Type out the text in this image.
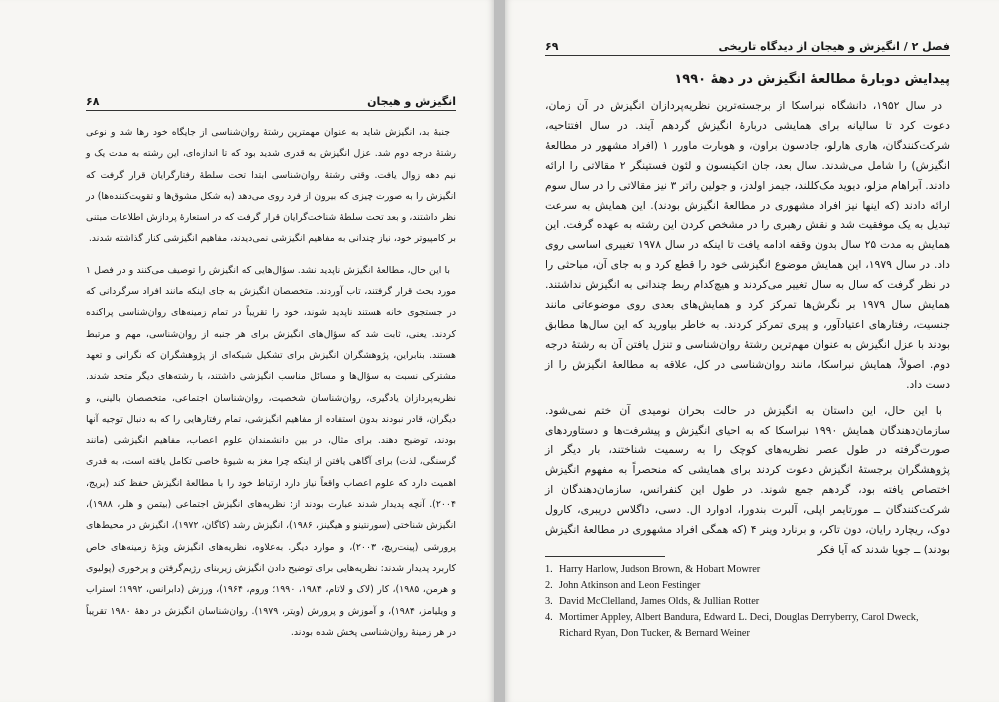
۶۸	انگیزش و هیجان

جنبهٔ بد، انگیزش شاید به عنوان مهمترین رشتهٔ روان‌شناسی از جایگاه خود رها شد و نوعی رشتهٔ درجه دوم شد. عزل انگیزش به قدری شدید بود که تا اندازه‌ای، این رشته به مدت یک و نیم دهه زوال یافت. وقتی رشتهٔ روان‌شناسی ابتدا تحت سلطهٔ رفتارگرایان قرار گرفت که انگیزش را به صورت چیزی که بیرون از فرد روی می‌دهد (به شکل مشوق‌ها و تقویت‌کننده‌ها) در نظر داشتند، و بعد تحت سلطهٔ شناخت‌گرایان قرار گرفت که در استعارهٔ پردازش اطلاعات مبتنی بر کامپیوتر خود، نیاز چندانی به مفاهیم انگیزشی نمی‌دیدند، مفاهیم انگیزشی کنار گذاشته شدند.

با این حال، مطالعهٔ انگیزش ناپدید نشد. سؤال‌هایی که انگیزش را توصیف می‌کنند و در فصل ۱ مورد بحث قرار گرفتند، تاب آوردند. متخصصان انگیزش به جای اینکه مانند افراد سرگردانی که در جستجوی خانه هستند ناپدید شوند، خود را تقریباً در تمام زمینه‌های روان‌شناسی پراکنده کردند. یعنی، ثابت شد که سؤال‌های انگیزش برای هر جنبه از روان‌شناسی، مهم و مرتبط هستند. بنابراین، پژوهشگران انگیزش برای تشکیل شبکه‌ای از پژوهشگران که نگرانی و تعهد مشترکی نسبت به سؤال‌ها و مسائل مناسب انگیزشی داشتند، با رشته‌های دیگر متحد شدند. نظریه‌پردازان یادگیری، روان‌شناسان شخصیت، روان‌شناسان اجتماعی، متخصصان بالینی، و دیگران، قادر نبودند بدون استفاده از مفاهیم انگیزشی، تمام رفتارهایی را که به دنبال توجیه آنها بودند، توضیح دهند. برای مثال، در بین دانشمندان علوم اعصاب، مفاهیم انگیزشی (مانند گرسنگی، لذت) برای آگاهی یافتن از اینکه چرا مغز به شیوهٔ خاصی تکامل یافته است، به قدری اهمیت دارد که علوم اعصاب واقعاً نیاز دارد ارتباط خود را با مطالعهٔ انگیزش حفظ کند (بریج، ۲۰۰۴). آنچه پدیدار شدند عبارت بودند از: نظریه‌های انگیزش اجتماعی (بیتمن و هلر، ۱۹۸۸)، انگیزش شناختی (سورنتینو و هیگینز، ۱۹۸۶)، انگیزش رشد (کاگان، ۱۹۷۲)، انگیزش در محیط‌های پرورشی (پینت‌ریچ، ۲۰۰۳)، و موارد دیگر. به‌علاوه، نظریه‌های انگیزش ویژهٔ زمینه‌های خاص کاربرد پدیدار شدند: نظریه‌هایی برای توضیح دادن انگیزش زیربنای رژیم‌گرفتن و پرخوری (پولیوی و هرمن، ۱۹۸۵)، کار (لاک و لاتام، ۱۹۸۴، ۱۹۹۰؛ وروم، ۱۹۶۴)، ورزش (دا‌برانس، ۱۹۹۲؛ استراب و ویلیامز، ۱۹۸۴)، و آموزش و پرورش (ویتر، ۱۹۷۹). روان‌شناسان انگیزش در دههٔ ۱۹۸۰ تقریباً در هر زمینهٔ روان‌شناسی پخش شده بودند.

۶۹	فصل ۲ / انگیزش و هیجان از دیدگاه تاریخی
پیدایش دوبارهٔ مطالعهٔ انگیزش در دههٔ ۱۹۹۰

در سال ۱۹۵۲، دانشگاه نبراسکا از برجسته‌ترین نظریه‌پردازان انگیزش در آن زمان، دعوت کرد تا سالیانه برای همایشی دربارهٔ انگیزش گردهم آیند. در سال افتتاحیه، شرکت‌کنندگان، هاری هارلو، جادسون براون، و هوبارت ماورر ۱ (افراد مشهور در مطالعهٔ انگیزش) را شامل می‌شدند. سال بعد، جان اتکینسون و لئون فستینگر ۲ مقالاتی را ارائه دادند. آبراهام مزلو، دیوید مک‌کللند، جیمز اولدز، و جولین راتر ۳ نیز مقالاتی را در سال سوم ارائه دادند (که اینها نیز افراد مشهوری در مطالعهٔ انگیزش بودند). این همایش به سرعت تبدیل به یک موفقیت شد و نقش رهبری را در مشخص کردن این رشته به عهده گرفت. این همایش به مدت ۲۵ سال بدون وقفه ادامه یافت تا اینکه در سال ۱۹۷۸ تغییری اساسی روی داد. در سال ۱۹۷۹، این همایش موضوع انگیزشی خود را قطع کرد و به جای آن، مباحثی را در نظر گرفت که سال به سال تغییر می‌کردند و هیچ‌کدام ربط چندانی به انگیزش نداشتند. همایش سال ۱۹۷۹ بر نگرش‌ها تمرکز کرد و همایش‌های بعدی روی موضوعاتی مانند جنسیت، رفتارهای اعتیادآور، و پیری تمرکز کردند. به خاطر بیاورید که این سال‌ها مطابق بودند با عزل انگیزش به عنوان مهم‌ترین رشتهٔ روان‌شناسی و تنزل یافتن آن به رشتهٔ درجه دوم. اصولاً، همایش نبراسکا، مانند روان‌شناسی در کل، علاقه به مطالعهٔ انگیزش را از دست داد.

با این حال، این داستان به انگیزش در حالت بحران نومیدی آن ختم نمی‌شود. سازمان‌دهندگان همایش ۱۹۹۰ نبراسکا که به احیای انگیزش و پیشرفت‌ها و دستاوردهای صورت‌گرفته در طول عصر نظریه‌های کوچک را به رسمیت شناختند، بار دیگر از پژوهشگران برجستهٔ انگیزش دعوت کردند برای همایشی که منحصراً به مفهوم انگیزش اختصاص یافته بود، گردهم جمع شوند. در طول این کنفرانس، سازمان‌دهندگان از شرکت‌کنندگان ــ مورتایمر اپلی، آلبرت بندورا، ادوارد ال. دسی، داگلاس دریبری، کارول دوک، ریچارد رایان، دون تاکر، و برنارد وینر ۴ (که همگی افراد مشهوری در مطالعهٔ انگیزش بودند) ــ جویا شدند که آیا فکر

1. Harry Harlow, Judson Brown, & Hobart Mowrer
2. John Atkinson and Leon Festinger
3. David McClelland, James Olds, & Jullian Rotter
4. Mortimer Appley, Albert Bandura, Edward L. Deci, Douglas Derryberry, Carol Dweck, Richard Ryan, Don Tucker, & Bernard Weiner
